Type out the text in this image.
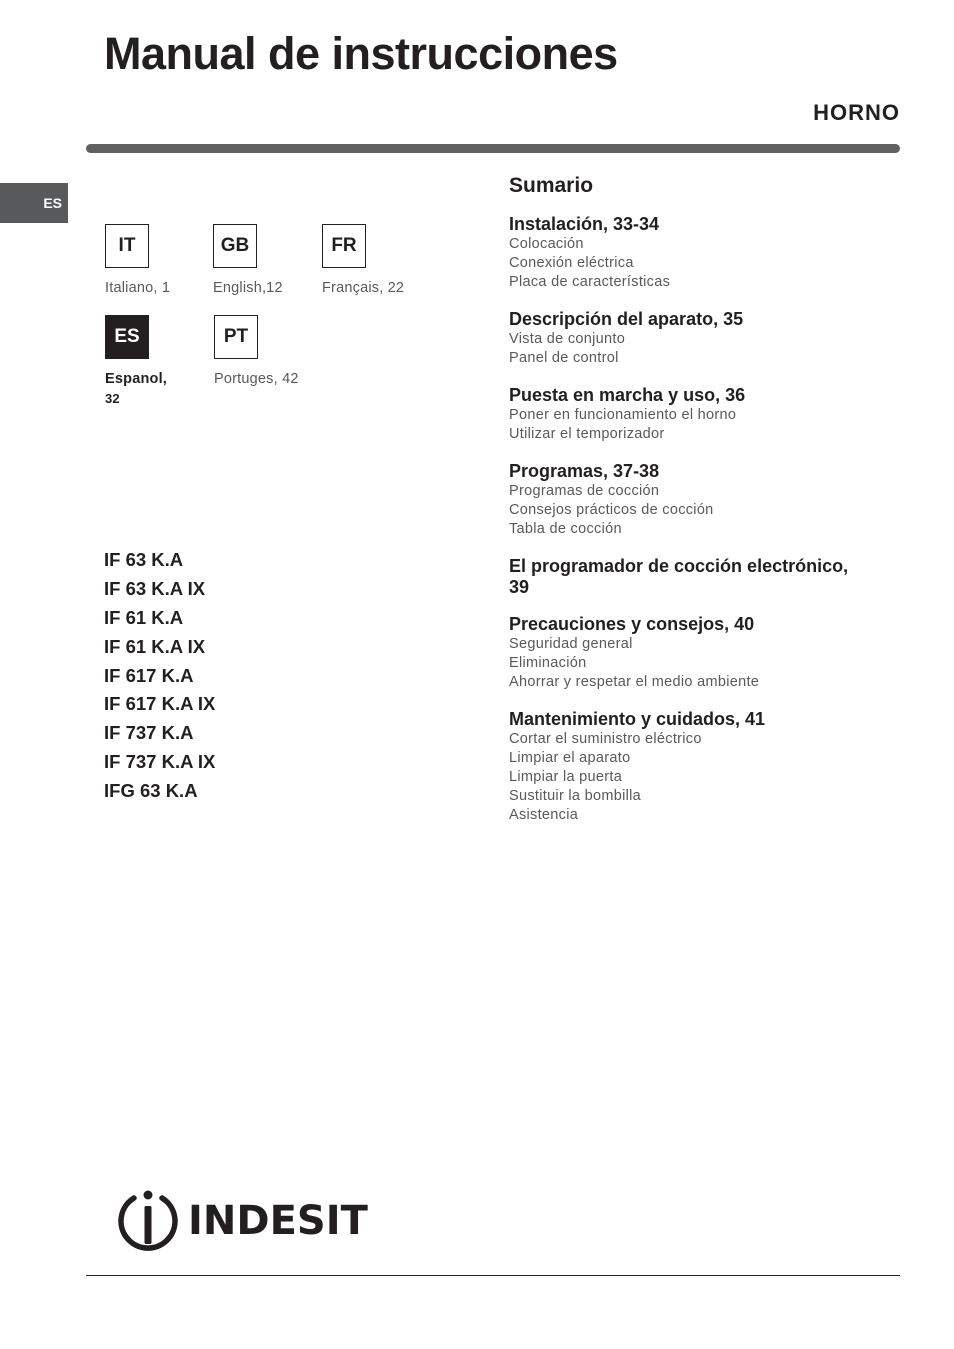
Manual de instrucciones
HORNO
ES
IT
Italiano, 1
GB
English,12
FR
Français, 22
ES
Espanol,
32
PT
Portuges, 42
IF 63 K.A
IF 63 K.A IX
IF 61 K.A
IF 61 K.A IX
IF 617 K.A
IF 617 K.A IX
IF 737 K.A
IF 737 K.A IX
IFG 63 K.A
Sumario
Instalación, 33-34
Colocación
Conexión eléctrica
Placa de características
Descripción del aparato, 35
Vista de conjunto
Panel de control
Puesta en marcha y uso, 36
Poner en funcionamiento el horno
Utilizar el temporizador
Programas, 37-38
Programas de cocción
Consejos prácticos de cocción
Tabla de cocción
El programador de cocción electrónico,
39
Precauciones y consejos, 40
Seguridad general
Eliminación
Ahorrar y respetar el medio ambiente
Mantenimiento y cuidados, 41
Cortar el suministro eléctrico
Limpiar el aparato
Limpiar la puerta
Sustituir la bombilla
Asistencia
INDESIT
